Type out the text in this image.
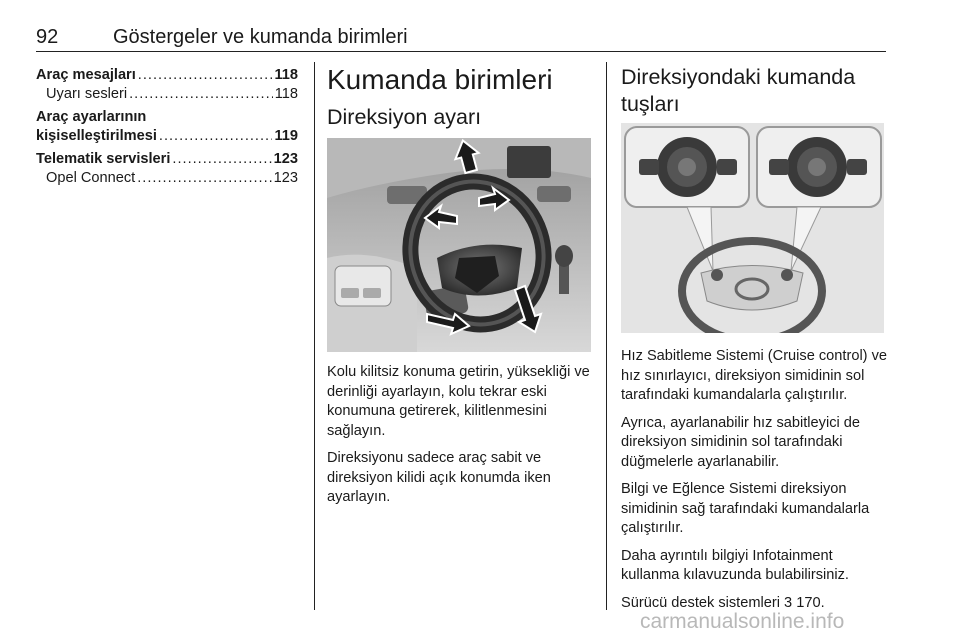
92	Göstergeler ve kumanda birimleri
Araç mesajları .....	118
Uyarı sesleri .....	118
Araç ayarlarının
kişiselleştirilmesi .....	119
Telematik servisleri .....	123
Opel Connect .....	123
Kumanda birimleri
Direksiyon ayarı

Kolu kilitsiz konuma getirin, yüksekliği ve derinliği ayarlayın, kolu tekrar eski konumuna getirerek, kilitlenmesini sağlayın.

Direksiyonu sadece araç sabit ve direksiyon kilidi açık konumda iken ayarlayın.

Direksiyondaki kumanda tuşları

Hız Sabitleme Sistemi (Cruise control) ve hız sınırlayıcı, direksiyon simidinin sol tarafındaki kumandalarla çalıştırılır.

Ayrıca, ayarlanabilir hız sabitleyici de direksiyon simidinin sol tarafındaki düğmelerle ayarlanabilir.

Bilgi ve Eğlence Sistemi direksiyon simidinin sağ tarafındaki kumandalarla çalıştırılır.

Daha ayrıntılı bilgiyi Infotainment kullanma kılavuzunda bulabilirsiniz.

Sürücü destek sistemleri 3 170.

carmanualsonline.info
